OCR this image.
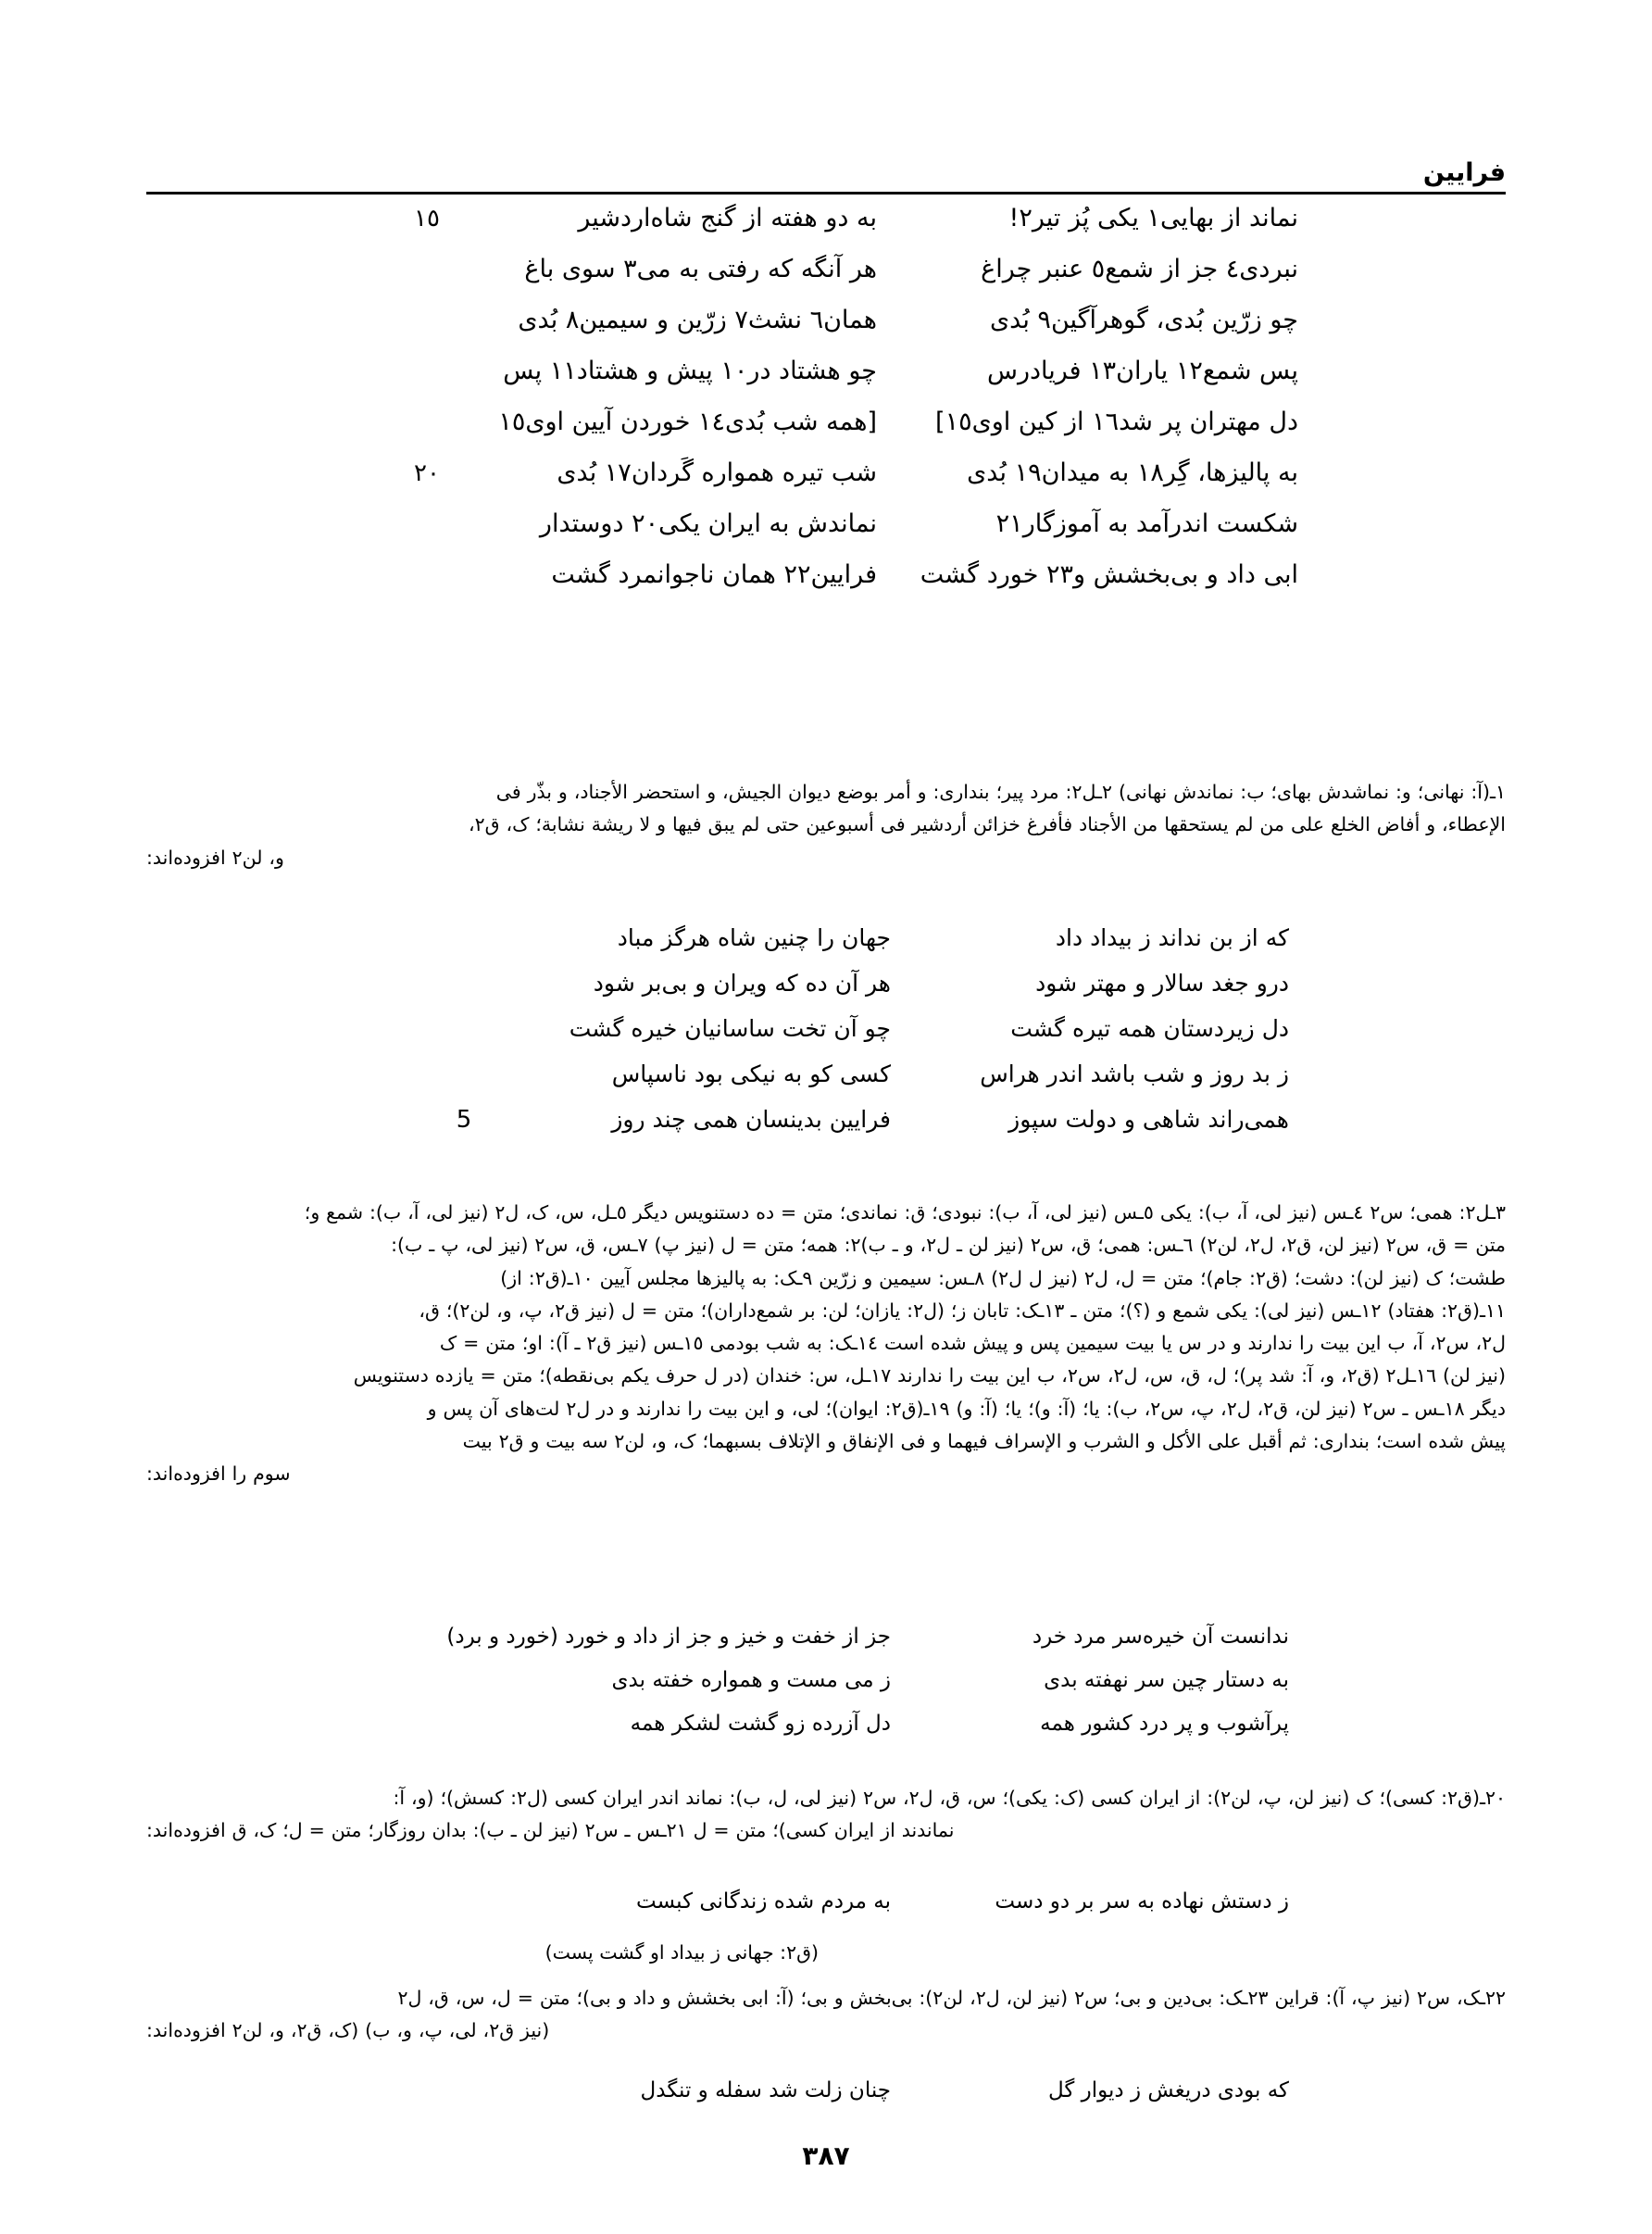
فرایین
نماند از بهایی١ یکی پُز تیر٢!
به دو هفته از گنج شاه‌اردشیر
١٥
نبردی٤ جز از شمع٥ عنبر چراغ
هر آنگه که رفتی به می٣ سوی باغ
چو زرّین بُدی، گوهرآگین٩ بُدی
همان٦ نشث٧ زرّین و سیمین٨ بُدی
پس شمع١٢ یاران١٣ فریادرس
چو هشتاد در١٠ پیش و هشتاد١١ پس
دل مهتران پر شد١٦ از کین اوی١٥]
[همه شب بُدی١٤ خوردن آیین اوی١٥
به پالیزها، گِر١٨ به میدان١٩ بُدی
شب تیره همواره گَردان١٧ بُدی
٢٠
شکست اندرآمد به آموزگار٢١
نماندش به ایران یکی٢٠ دوستدار
ابی داد و بی‌بخشش و٢٣ خورد گشت
فرایین٢٢ همان ناجوانمرد گشت

١ـ(آ: نهانی؛ و: نماشدش بهای؛ ب: نماندش نهانی) ٢ـل٢: مرد پیر؛ بنداری: و أمر بوضع دیوان الجیش، و استحضر الأجناد، و بذّر فی

الإعطاء، و أفاض الخلع علی من لم یستحقها من الأجناد فأفرغ خزائن أردشیر فی أسبوعین حتی لم یبق فیها و لا ریشة نشابة؛ ک، ق٢،

و، لن٢ افزوده‌اند:

که از بن نداند ز بیداد داد
جهان را چنین شاه هرگز مباد
درو جغد سالار و مهتر شود
هر آن ده که ویران و بی‌بر شود
دل زیردستان همه تیره گشت
چو آن تخت ساسانیان خیره گشت
ز بد روز و شب باشد اندر هراس
کسی کو به نیکی بود ناسپاس
همی‌راند شاهی و دولت سپوز
فرایین بدینسان همی چند روز
5

٣ـل٢: همی؛ س٢ ٤ـس (نیز لی، آ، ب): یکی ٥ـس (نیز لی، آ، ب): نبودی؛ ق: نماندی؛ متن = ده دستنویس دیگر ٥ـل، س، ک، ل٢ (نیز لی، آ، ب): شمع و؛

متن = ق، س٢ (نیز لن، ق٢، ل٢، لن٢) ٦ـس: همی؛ ق، س٢ (نیز لن ـ ل٢، و ـ ب)٢: همه؛ متن = ل (نیز پ) ٧ـس، ق، س٢ (نیز لی، پ ـ ب):

طشت؛ ک (نیز لن): دشت؛ (ق٢: جام)؛ متن = ل، ل٢ (نیز ل ل٢) ٨ـس: سیمین و زرّین ٩ـک: به پالیزها مجلس آیین ١٠ـ(ق٢: از)

١١ـ(ق٢: هفتاد) ١٢ـس (نیز لی): یکی شمع و (؟)؛ متن ـ ١٣ـک: تابان ز؛ (ل٢: یازان؛ لن: بر شمع‌داران)؛ متن = ل (نیز ق٢، پ، و، لن٢)؛ ق،

ل٢، س٢، آ، ب این بیت را ندارند و در س یا بیت سیمین پس و پیش شده است ١٤ـک: به شب بودمی ١٥ـس (نیز ق٢ ـ آ): او؛ متن = ک

(نیز لن) ١٦ـل٢ (ق٢، و، آ: شد پر)؛ ل، ق، س، ل٢، س٢، ب این بیت را ندارند ١٧ـل، س: خندان (در ل حرف یکم بی‌نقطه)؛ متن = یازده دستنویس

دیگر ١٨ـس ـ س٢ (نیز لن، ق٢، ل٢، پ، س٢، ب): یا؛ (آ: و)؛ یا؛ (آ: و) ١٩ـ(ق٢: ایوان)؛ لی، و این بیت را ندارند و در ل٢ لت‌های آن پس و

پیش شده است؛ بنداری: ثم أقبل علی الأکل و الشرب و الإسراف فیهما و فی الإنفاق و الإتلاف بسبهما؛ ک، و، لن٢ سه بیت و ق٢ بیت

سوم را افزوده‌اند:

ندانست آن خیره‌سر مرد خرد
جز از خفت و خیز و جز از داد و خورد (خورد و برد)
به دستار چین سر نهفته بدی
ز می مست و همواره خفته بدی
پرآشوب و پر درد کشور همه
دل آزرده زو گشت لشکر همه

٢٠ـ(ق٢: کسی)؛ ک (نیز لن، پ، لن٢): از ایران کسی (ک: یکی)؛ س، ق، ل٢، س٢ (نیز لی، ل، ب): نماند اندر ایران کسی (ل٢: کسش)؛ (و، آ:

نماندند از ایران کسی)؛ متن = ل ٢١ـس ـ س٢ (نیز لن ـ ب): بدان روزگار؛ متن = ل؛ ک، ق افزوده‌اند:

ز دستش نهاده به سر بر دو دست
به مردم شده زندگانی کبست
(ق٢: جهانی ز بیداد او گشت پست)

٢٢ـک، س٢ (نیز پ، آ): قراین ٢٣ـک: بی‌دین و بی؛ س٢ (نیز لن، ل٢، لن٢): بی‌بخش و بی؛ (آ: ابی بخشش و داد و بی)؛ متن = ل، س، ق، ل٢

(نیز ق٢، لی، پ، و، ب) (ک، ق٢، و، لن٢ افزوده‌اند:

که بودی دریغش ز دیوار گل
چنان زلت شد سفله و تنگدل
٣٨٧
